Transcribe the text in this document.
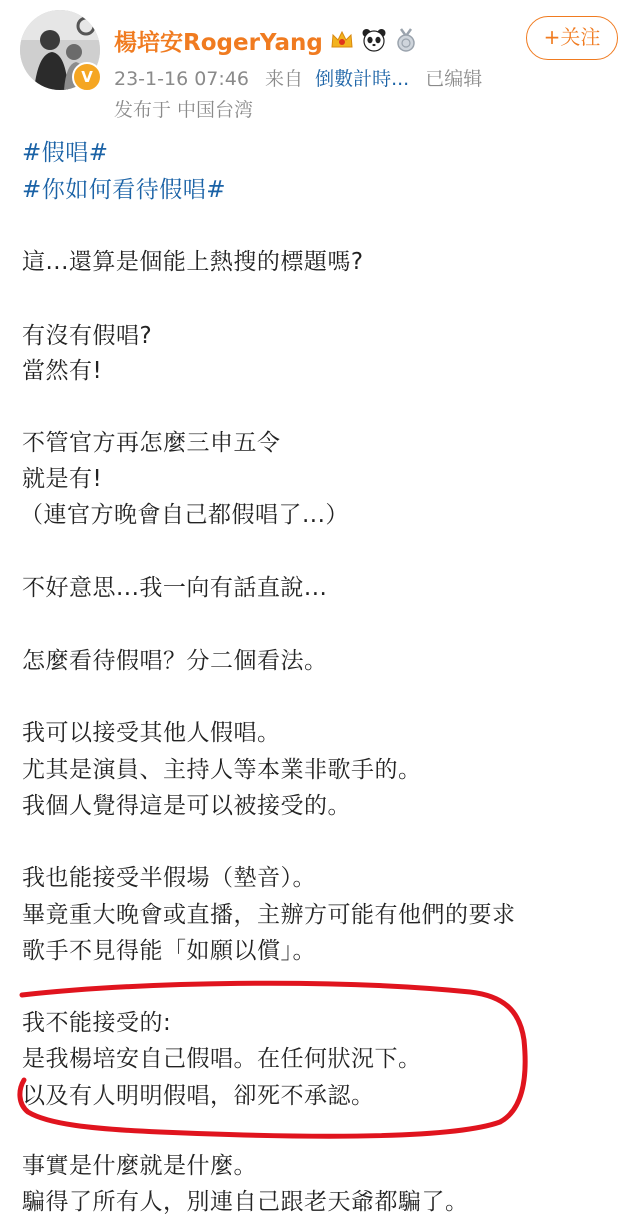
V
楊培安RogerYang
23-1-16 07:46 来自 倒數計時... 已编辑
发布于 中国台湾
+关注
#假唱#
#你如何看待假唱#
這...還算是個能上熱搜的標題嗎?
有沒有假唱?
當然有!
不管官方再怎麼三申五令
就是有!
（連官方晚會自己都假唱了...）
不好意思...我一向有話直說...
怎麼看待假唱？分二個看法。
我可以接受其他人假唱。
尤其是演員、主持人等本業非歌手的。
我個人覺得這是可以被接受的。
我也能接受半假場（墊音）。
畢竟重大晚會或直播，主辦方可能有他們的要求
歌手不見得能「如願以償」。
我不能接受的:
是我楊培安自己假唱。在任何狀況下。
以及有人明明假唱，卻死不承認。
事實是什麼就是什麼。
騙得了所有人，別連自己跟老天爺都騙了。
